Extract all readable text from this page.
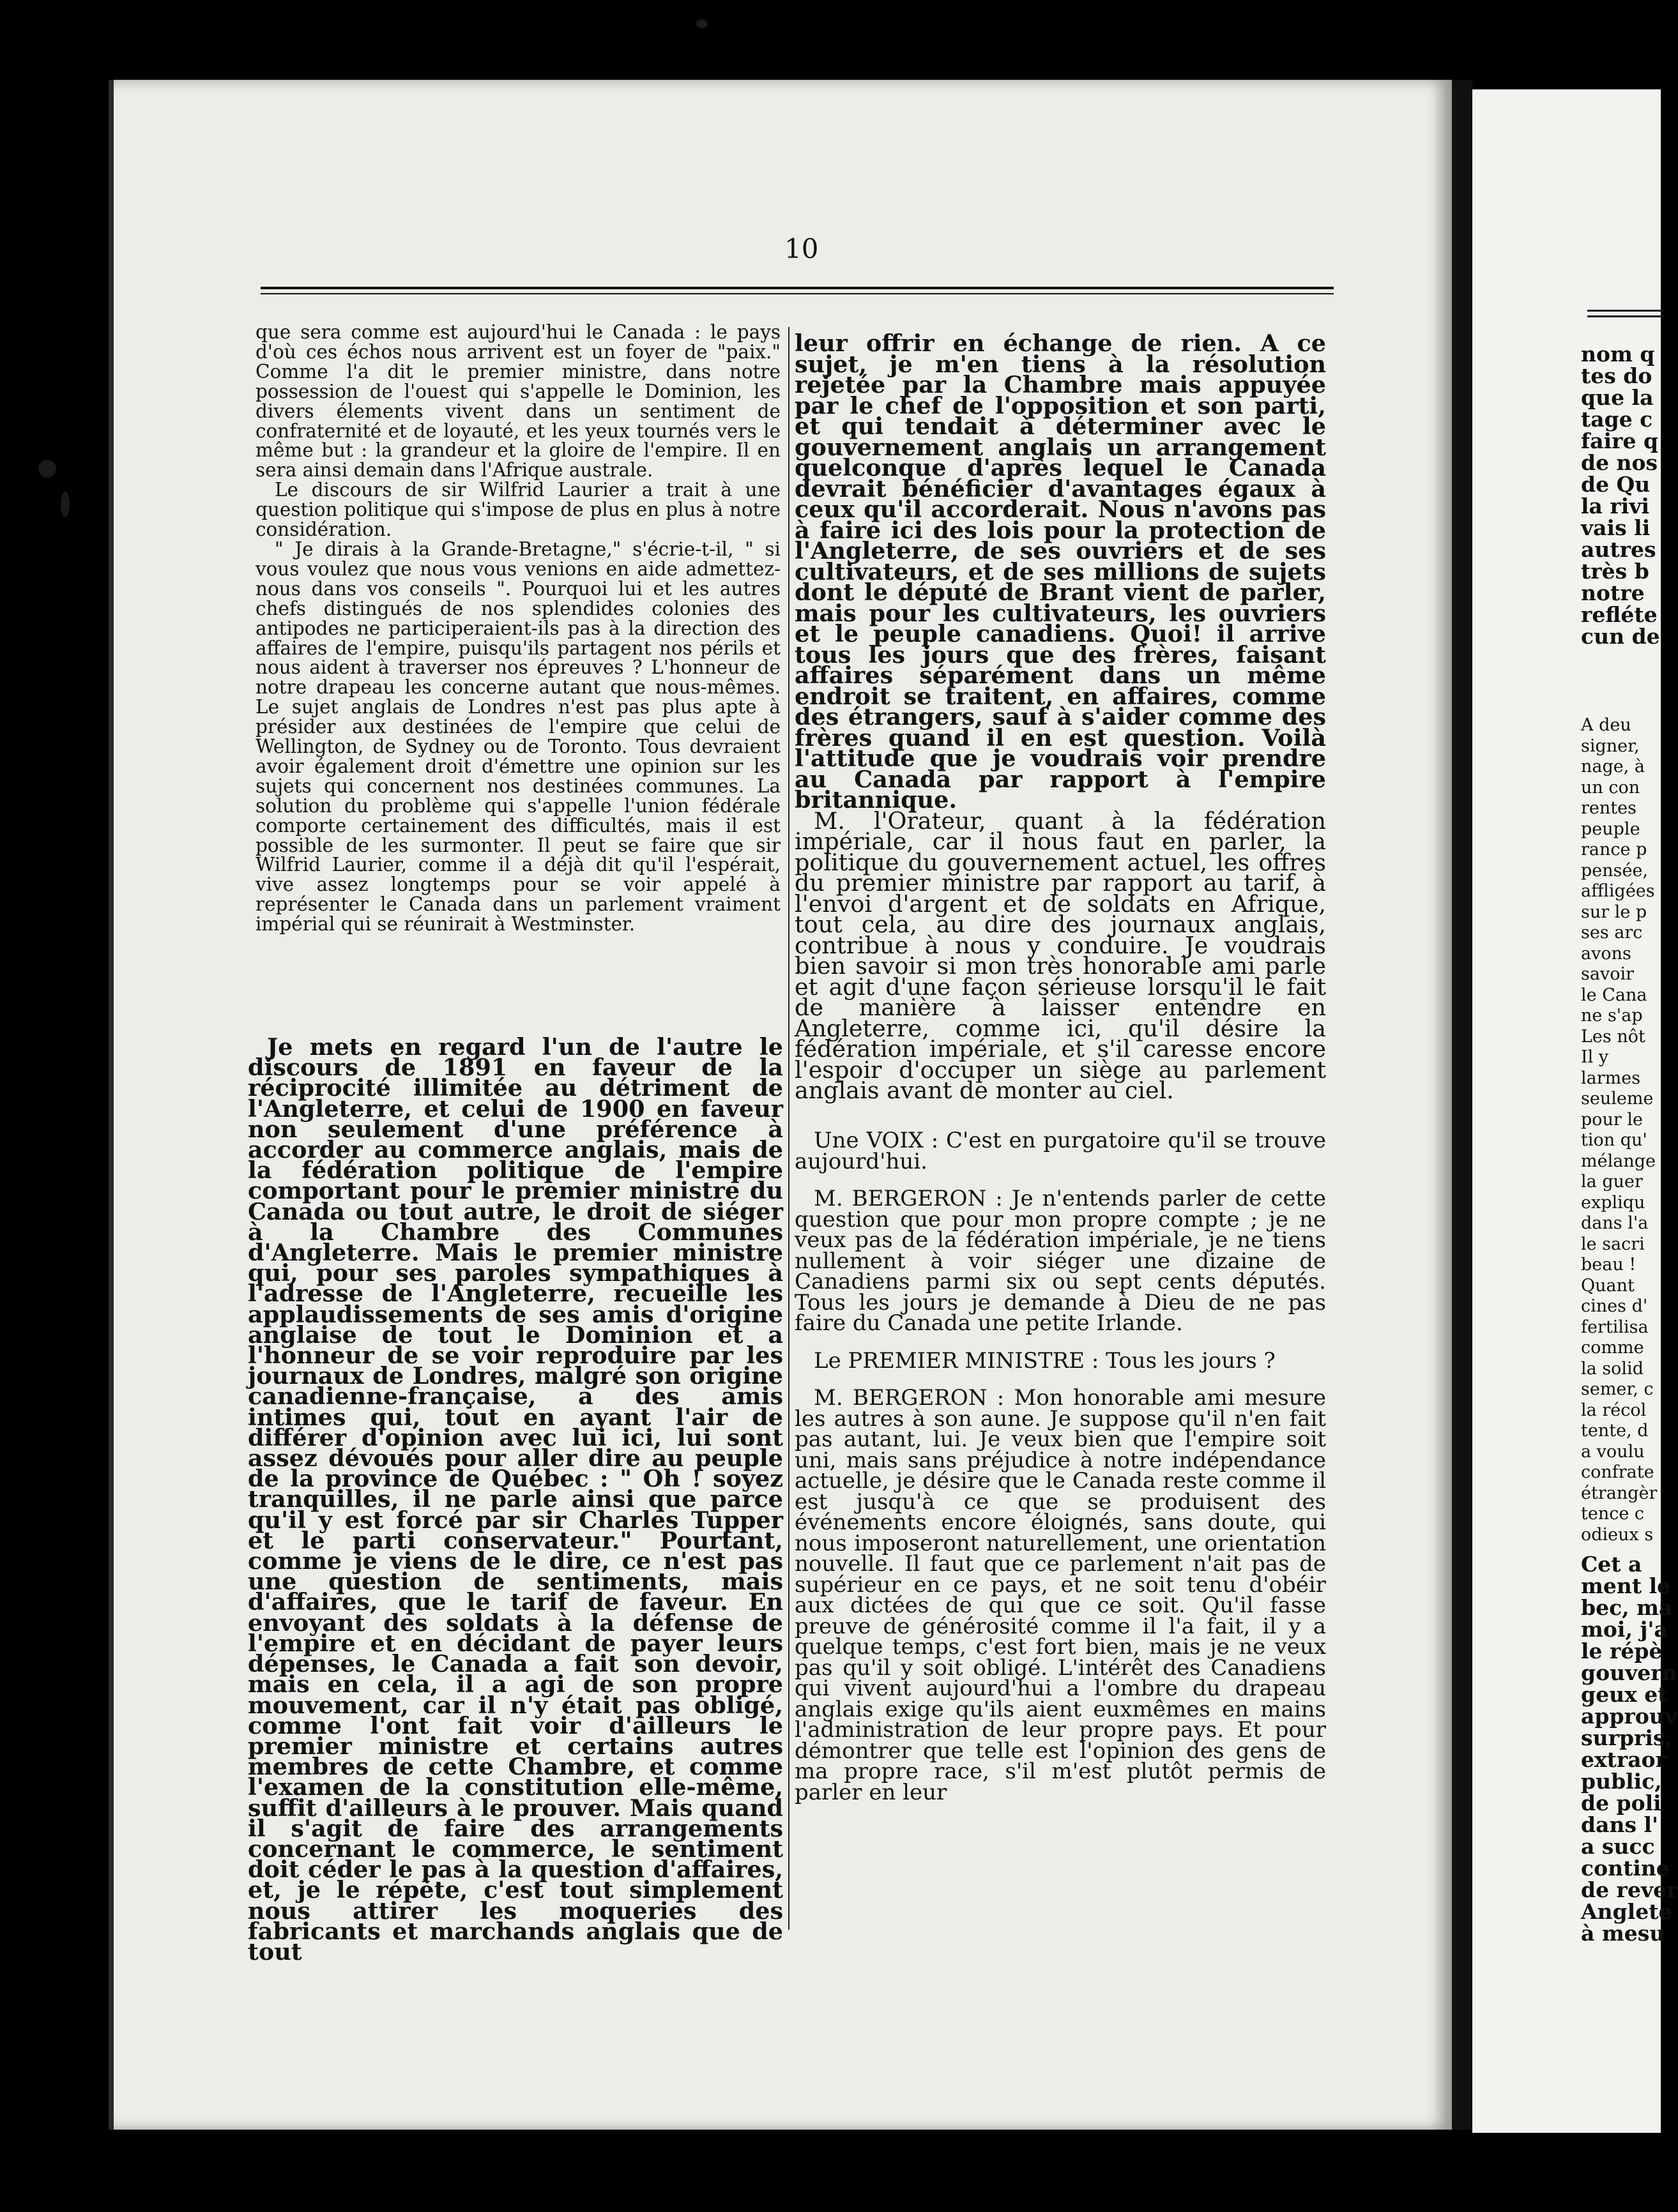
nom q
tes do
que la
tage c
faire q
de nos
de Qu
la rivi
vais li
autres
très b
notre
refléte
cun de
A deu
signer,
nage, à
un con
rentes
peuple
rance p
pensée,
affligées
sur le p
ses arc
avons
savoir
le Cana
ne s'ap
Les nôt
Il y
larmes
seuleme
pour le
tion qu'
mélange
la guer
expliqu
dans l'a
le sacri
beau !
Quant
cines d'
fertilisa
comme
la solid
semer, c
la récol
tente, d
a voulu
confrate
étrangèr
tence c
odieux s
Cet a
ment le
bec, ma
moi, j'a
le répè
gouvern
geux et
approuv
surpris,
extraor
public,
de poli
dans l'
a succ
contine
de rever
Anglete
à mesu
10

que sera comme est aujourd'hui le Canada : le pays d'où ces échos nous arrivent est un foyer de "paix." Comme l'a dit le premier ministre, dans notre possession de l'ouest qui s'appelle le Dominion, les divers élements vivent dans un sentiment de confraternité et de loyauté, et les yeux tournés vers le même but : la grandeur et la gloire de l'empire. Il en sera ainsi demain dans l'Afrique australe.

Le discours de sir Wilfrid Laurier a trait à une question politique qui s'impose de plus en plus à notre considération.

" Je dirais à la Grande-Bretagne," s'écrie-t-il, " si vous voulez que nous vous venions en aide admettez-nous dans vos conseils ". Pourquoi lui et les autres chefs distingués de nos splendides colonies des antipodes ne participeraient-ils pas à la direction des affaires de l'empire, puisqu'ils partagent nos périls et nous aident à traverser nos épreuves ? L'honneur de notre drapeau les concerne autant que nous-mêmes. Le sujet anglais de Londres n'est pas plus apte à présider aux destinées de l'empire que celui de Wellington, de Sydney ou de Toronto. Tous devraient avoir également droit d'émettre une opinion sur les sujets qui concernent nos destinées communes. La solution du problème qui s'appelle l'union fédérale comporte certainement des difficultés, mais il est possible de les surmonter. Il peut se faire que sir Wilfrid Laurier, comme il a déjà dit qu'il l'espérait, vive assez longtemps pour se voir appelé à représenter le Canada dans un parlement vraiment impérial qui se réunirait à Westminster.

Je mets en regard l'un de l'autre le discours de 1891 en faveur de la réciprocité illimitée au détriment de l'Angleterre, et celui de 1900 en faveur non seulement d'une préférence à accorder au commerce anglais, mais de la fédération politique de l'empire comportant pour le premier ministre du Canada ou tout autre, le droit de siéger à la Chambre des Communes d'Angleterre. Mais le premier ministre qui, pour ses paroles sympathiques à l'adresse de l'Angleterre, recueille les applaudissements de ses amis d'origine anglaise de tout le Dominion et a l'honneur de se voir reproduire par les journaux de Londres, malgré son origine canadienne-française, a des amis intimes qui, tout en ayant l'air de différer d'opinion avec lui ici, lui sont assez dévoués pour aller dire au peuple de la province de Québec : " Oh ! soyez tranquilles, il ne parle ainsi que parce qu'il y est forcé par sir Charles Tupper et le parti conservateur." Pourtant, comme je viens de le dire, ce n'est pas une question de sentiments, mais d'affaires, que le tarif de faveur. En envoyant des soldats à la défense de l'empire et en décidant de payer leurs dépenses, le Canada a fait son devoir, mais en cela, il a agi de son propre mouvement, car il n'y était pas obligé, comme l'ont fait voir d'ailleurs le premier ministre et certains autres membres de cette Chambre, et comme l'examen de la constitution elle-même, suffit d'ailleurs à le prouver. Mais quand il s'agit de faire des arrangements concernant le commerce, le sentiment doit céder le pas à la question d'affaires, et, je le répète, c'est tout simplement nous attirer les moqueries des fabricants et marchands anglais que de tout

leur offrir en échange de rien. A ce sujet, je m'en tiens à la résolution rejetée par la Chambre mais appuyée par le chef de l'opposition et son parti, et qui tendait à déterminer avec le gouvernement anglais un arrangement quelconque d'après lequel le Canada devrait bénéficier d'avantages égaux à ceux qu'il accorderait. Nous n'avons pas à faire ici des lois pour la protection de l'Angleterre, de ses ouvriers et de ses cultivateurs, et de ses millions de sujets dont le député de Brant vient de parler, mais pour les cultivateurs, les ouvriers et le peuple canadiens. Quoi! il arrive tous les jours que des frères, faisant affaires séparément dans un même endroit se traitent, en affaires, comme des étrangers, sauf à s'aider comme des frères quand il en est question. Voilà l'attitude que je voudrais voir prendre au Canada par rapport à l'empire britannique.

M. l'Orateur, quant à la fédération impériale, car il nous faut en parler, la politique du gouvernement actuel, les offres du premier ministre par rapport au tarif, à l'envoi d'argent et de soldats en Afrique, tout cela, au dire des journaux anglais, contribue à nous y conduire. Je voudrais bien savoir si mon très honorable ami parle et agit d'une façon sérieuse lorsqu'il le fait de manière à laisser entendre en Angleterre, comme ici, qu'il désire la fédération impériale, et s'il caresse encore l'espoir d'occuper un siège au parlement anglais avant de monter au ciel.

Une VOIX : C'est en purgatoire qu'il se trouve aujourd'hui.

M. BERGERON : Je n'entends parler de cette question que pour mon propre compte ; je ne veux pas de la fédération impériale, je ne tiens nullement à voir siéger une dizaine de Canadiens parmi six ou sept cents députés. Tous les jours je demande à Dieu de ne pas faire du Canada une petite Irlande.

Le PREMIER MINISTRE : Tous les jours ?

M. BERGERON : Mon honorable ami mesure les autres à son aune. Je suppose qu'il n'en fait pas autant, lui. Je veux bien que l'empire soit uni, mais sans préjudice à notre indépendance actuelle, je désire que le Canada reste comme il est jusqu'à ce que se produisent des événements encore éloignés, sans doute, qui nous imposeront naturellement, une orientation nouvelle. Il faut que ce parlement n'ait pas de supérieur en ce pays, et ne soit tenu d'obéir aux dictées de qui que ce soit. Qu'il fasse preuve de générosité comme il l'a fait, il y a quelque temps, c'est fort bien, mais je ne veux pas qu'il y soit obligé. L'intérêt des Canadiens qui vivent aujourd'hui a l'ombre du drapeau anglais exige qu'ils aient euxmêmes en mains l'administration de leur propre pays. Et pour démontrer que telle est l'opinion des gens de ma propre race, s'il m'est plutôt permis de parler en leur
